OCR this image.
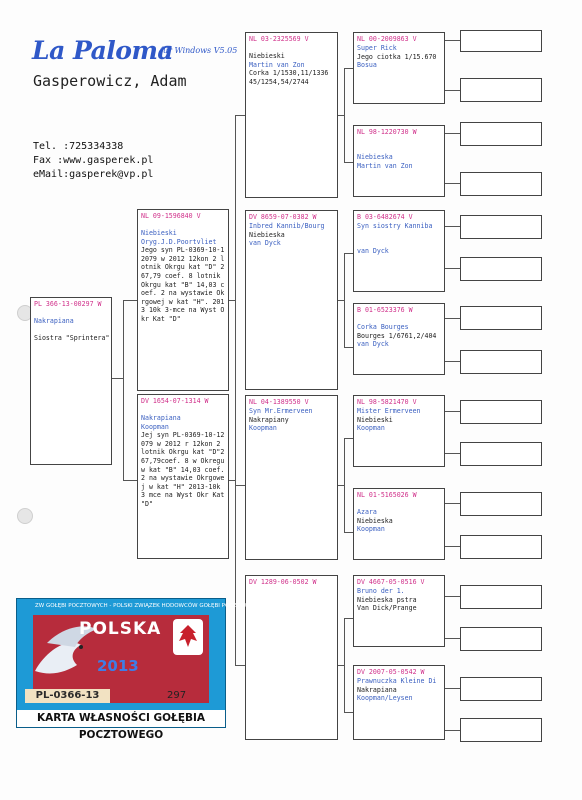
La Paloma
für Windows V5.05
Gasperowicz, Adam
Tel. :725334338
Fax :www.gasperek.pl
eMail:gasperek@vp.pl
PL 366-13-00297 W
Nakrapiana
Siostra "Sprintera"
NL 09-1596840 V
Niebieski
Oryg.J.D.Poortvliet
Jego syn PL-0369-10-12079 w 2012 12kon 2 lotnik Okrgu kat "D" 267,79 coef. 8 lotnik Okrgu kat "B" 14,03 coef. 2 na wystawie Okrgowej w kat "H". 2013 10k 3-mce na Wyst Okr Kat "D"
DV 1654-07-1314 W
Nakrapiana
Koopman
Jej syn PL-0369-10-12079 w 2012 r 12kon 2 lotnik Okrgu kat "D"267,79coef. 8 w Okregu w kat "B" 14,03 coef. 2 na wystawie Okrgowej w kat "H" 2013-10k 3 mce na Wyst Okr Kat "D"
NL 03-2325569 V
Niebieski
Martin van Zon
Corka 1/1530,11/1336
45/1254,54/2744
DV 8659-07-0382 W
Inbred Kannib/Bourg
Niebieska
van Dyck
NL 04-1389550 V
Syn Mr.Ermerveen
Nakrapiany
Koopman
DV 1289-06-0502 W
NL 00-2009863 V
Super Rick
Jego ciotka 1/15.670
Bosua
NL 98-1220730 W
Niebieska
Martin van Zon
B 03-6482674 V
Syn siostry Kanniba
van Dyck
B 01-6523376 W
Corka Bourges
Bourges 1/6761,2/404
van Dyck
NL 98-5821470 V
Mister Ermerveen
Niebieski
Koopman
NL 01-5165026 W
Azara
Niebieska
Koopman
DV 4667-05-0516 V
Bruno der 1.
Niebieska pstra
Van Dick/Prange
DV 2007-05-0542 W
Prawnuczka Kleine Di
Nakrapiana
Koopman/Leysen
ZW GOŁĘBI POCZTOWYCH - POLSKI ZWIĄZEK HODOWCÓW GOŁĘBI POCZTOWYCH
POLSKA
2013
PL-0366-13	297
KARTA WŁASNOŚCI GOŁĘBIA POCZTOWEGO
